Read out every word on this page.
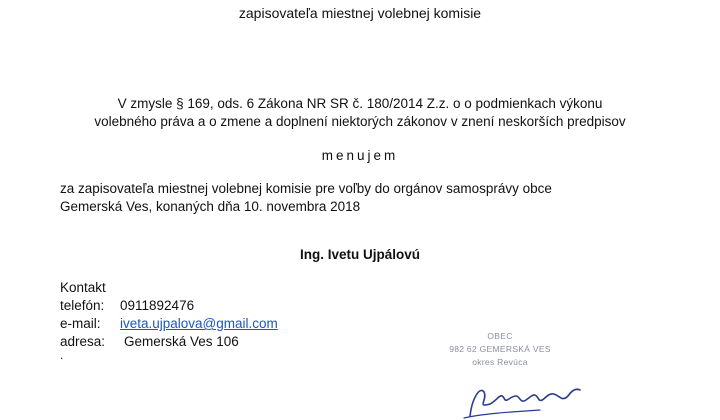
zapisovateľa miestnej volebnej komisie
V zmysle § 169, ods. 6 Zákona NR SR č. 180/2014 Z.z. o o podmienkach výkonu
volebného práva a o zmene a doplnení niektorých zákonov v znení neskorších predpisov
menujem
za zapisovateľa miestnej volebnej komisie pre voľby do orgánov samosprávy obce
Gemerská Ves, konaných dňa 10. novembra 2018
Ing. Ivetu Ujpálovú
Kontakt
telefón: 0911892476
e-mail: iveta.ujpalova@gmail.com
adresa: Gemerská Ves 106
.
OBEC
982 62 GEMERSKÁ VES
okres Revúca
